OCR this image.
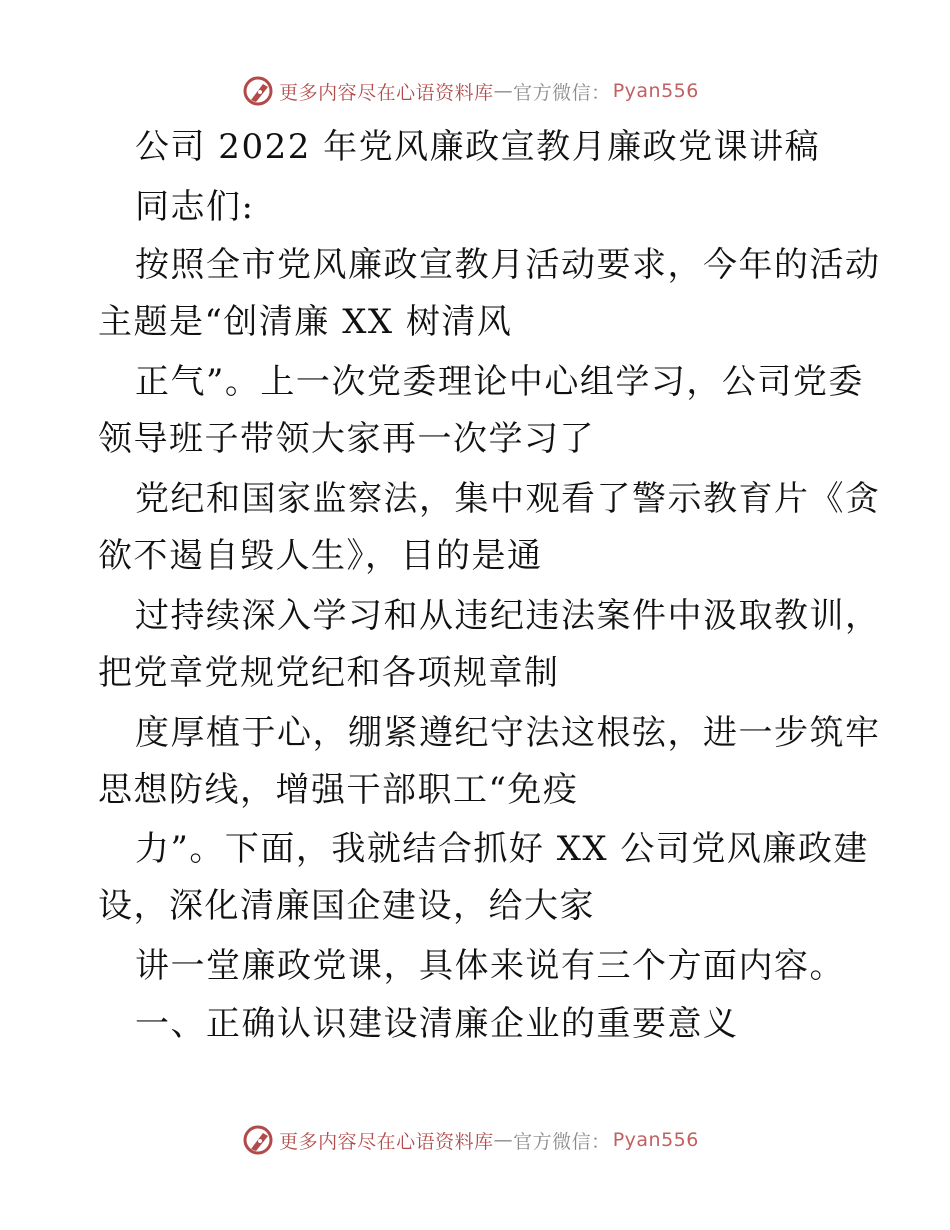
更多内容尽在心语资料库 — 官方微信： Pyan556
公司 2022 年党风廉政宣教月廉政党课讲稿
同志们:
按照全市党风廉政宣教月活动要求，今年的活动
主题是“创清廉 XX 树清风
正气”。上一次党委理论中心组学习，公司党委
领导班子带领大家再一次学习了
党纪和国家监察法，集中观看了警示教育片《贪
欲不遏自毁人生》，目的是通
过持续深入学习和从违纪违法案件中汲取教训，
把党章党规党纪和各项规章制
度厚植于心，绷紧遵纪守法这根弦，进一步筑牢
思想防线，增强干部职工“免疫
力”。下面，我就结合抓好 XX 公司党风廉政建
设，深化清廉国企建设，给大家
讲一堂廉政党课，具体来说有三个方面内容。
一、正确认识建设清廉企业的重要意义
更多内容尽在心语资料库 — 官方微信： Pyan556
